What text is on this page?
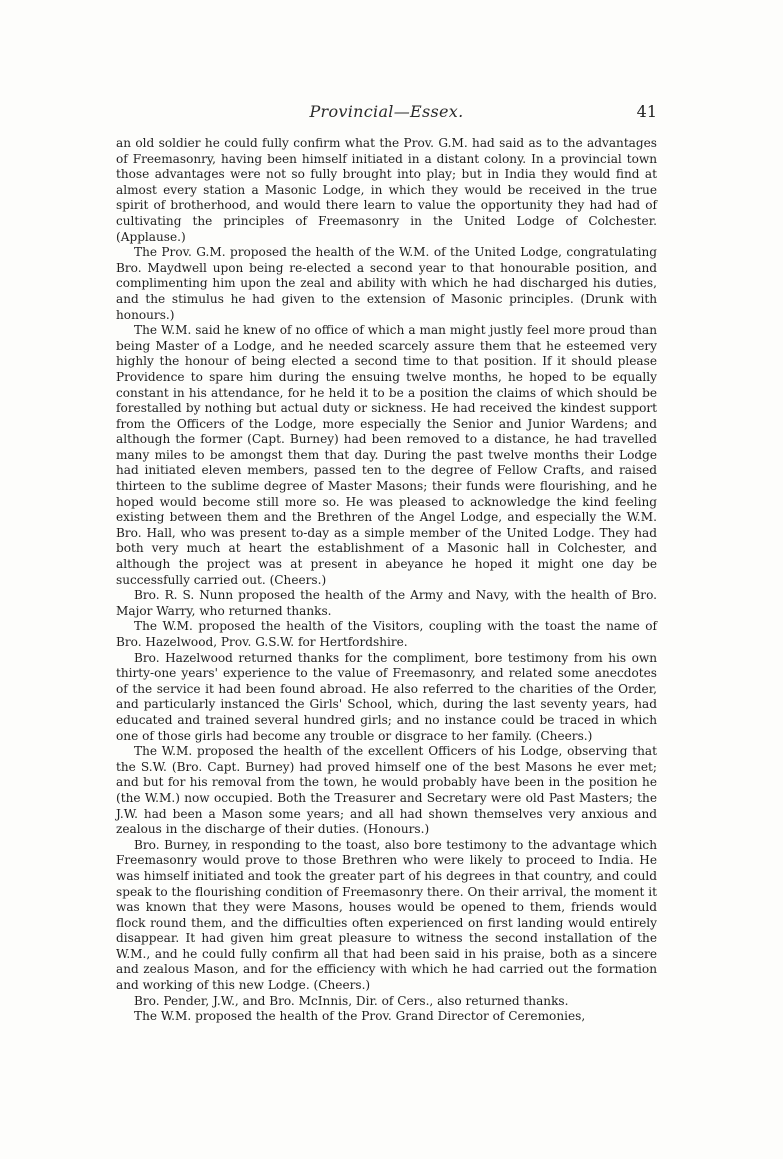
Provincial—Essex.	41

an old soldier he could fully confirm what the Prov. G.M. had said as to the advantages of Freemasonry, having been himself initiated in a distant colony. In a provincial town those advantages were not so fully brought into play; but in India they would find at almost every station a Masonic Lodge, in which they would be received in the true spirit of brotherhood, and would there learn to value the opportunity they had had of cultivating the principles of Freemasonry in the United Lodge of Colchester. (Applause.)

The Prov. G.M. proposed the health of the W.M. of the United Lodge, congratulating Bro. Maydwell upon being re-elected a second year to that honourable position, and complimenting him upon the zeal and ability with which he had discharged his duties, and the stimulus he had given to the extension of Masonic principles. (Drunk with honours.)

The W.M. said he knew of no office of which a man might justly feel more proud than being Master of a Lodge, and he needed scarcely assure them that he esteemed very highly the honour of being elected a second time to that position. If it should please Providence to spare him during the ensuing twelve months, he hoped to be equally constant in his attendance, for he held it to be a position the claims of which should be forestalled by nothing but actual duty or sickness. He had received the kindest support from the Officers of the Lodge, more especially the Senior and Junior Wardens; and although the former (Capt. Burney) had been removed to a distance, he had travelled many miles to be amongst them that day. During the past twelve months their Lodge had initiated eleven members, passed ten to the degree of Fellow Crafts, and raised thirteen to the sublime degree of Master Masons; their funds were flourishing, and he hoped would become still more so. He was pleased to acknowledge the kind feeling existing between them and the Brethren of the Angel Lodge, and especially the W.M. Bro. Hall, who was present to-day as a simple member of the United Lodge. They had both very much at heart the establishment of a Masonic hall in Colchester, and although the project was at present in abeyance he hoped it might one day be successfully carried out. (Cheers.)

Bro. R. S. Nunn proposed the health of the Army and Navy, with the health of Bro. Major Warry, who returned thanks.

The W.M. proposed the health of the Visitors, coupling with the toast the name of Bro. Hazelwood, Prov. G.S.W. for Hertfordshire.

Bro. Hazelwood returned thanks for the compliment, bore testimony from his own thirty-one years' experience to the value of Freemasonry, and related some anecdotes of the service it had been found abroad. He also referred to the charities of the Order, and particularly instanced the Girls' School, which, during the last seventy years, had educated and trained several hundred girls; and no instance could be traced in which one of those girls had become any trouble or disgrace to her family. (Cheers.)

The W.M. proposed the health of the excellent Officers of his Lodge, observing that the S.W. (Bro. Capt. Burney) had proved himself one of the best Masons he ever met; and but for his removal from the town, he would probably have been in the position he (the W.M.) now occupied. Both the Treasurer and Secretary were old Past Masters; the J.W. had been a Mason some years; and all had shown themselves very anxious and zealous in the discharge of their duties. (Honours.)

Bro. Burney, in responding to the toast, also bore testimony to the advantage which Freemasonry would prove to those Brethren who were likely to proceed to India. He was himself initiated and took the greater part of his degrees in that country, and could speak to the flourishing condition of Freemasonry there. On their arrival, the moment it was known that they were Masons, houses would be opened to them, friends would flock round them, and the difficulties often experienced on first landing would entirely disappear. It had given him great pleasure to witness the second installation of the W.M., and he could fully confirm all that had been said in his praise, both as a sincere and zealous Mason, and for the efficiency with which he had carried out the formation and working of this new Lodge. (Cheers.)

Bro. Pender, J.W., and Bro. McInnis, Dir. of Cers., also returned thanks.

The W.M. proposed the health of the Prov. Grand Director of Ceremonies,
